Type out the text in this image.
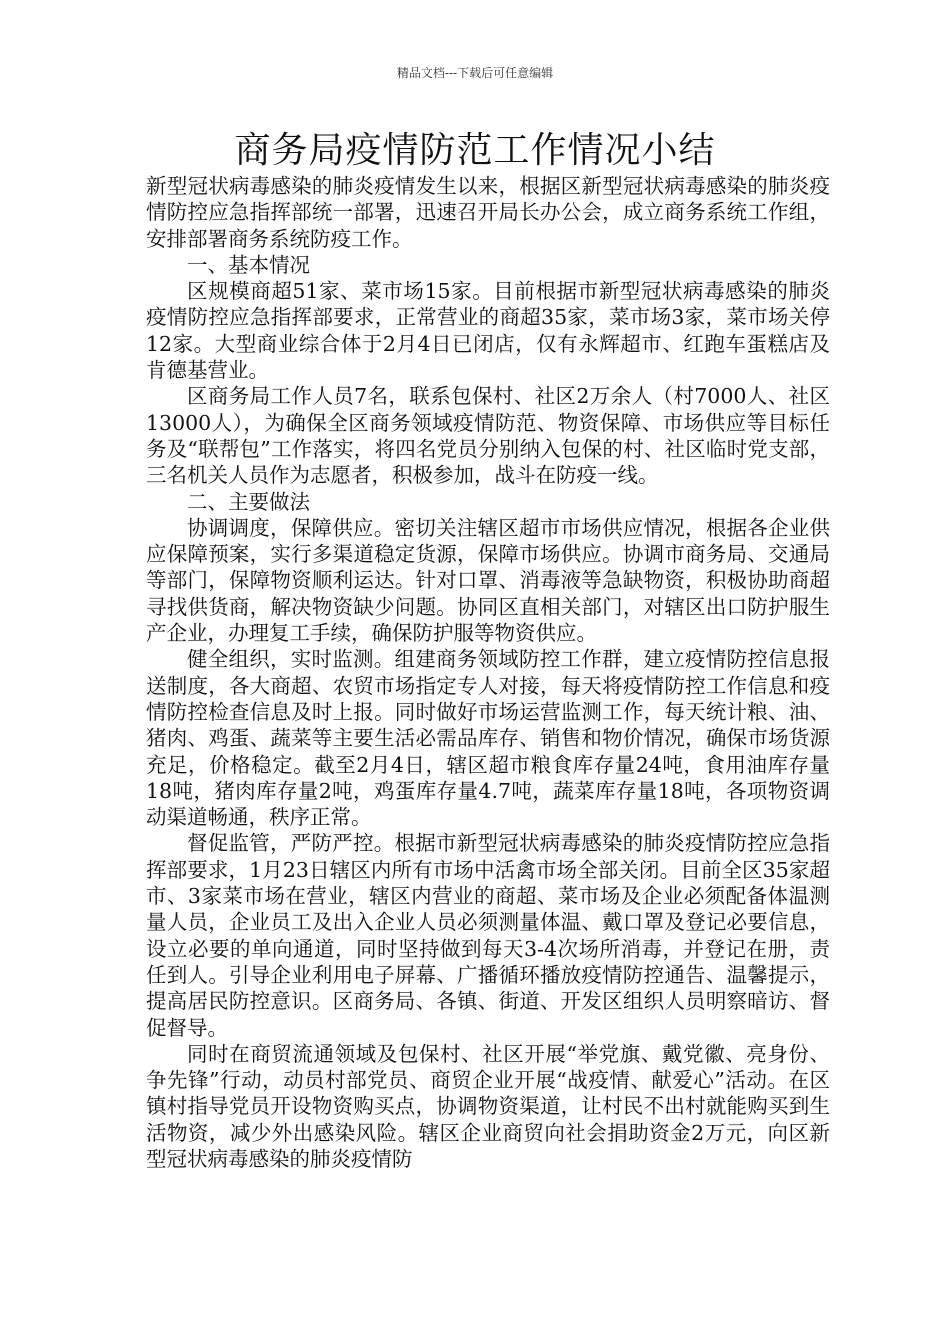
精品文档---下载后可任意编辑
商务局疫情防范工作情况小结

新型冠状病毒感染的肺炎疫情发生以来，根据区新型冠状病毒感染的肺炎疫情防控应急指挥部统一部署，迅速召开局长办公会，成立商务系统工作组，安排部署商务系统防疫工作。

一、基本情况

区规模商超51家、菜市场15家。目前根据市新型冠状病毒感染的肺炎疫情防控应急指挥部要求，正常营业的商超35家，菜市场3家，菜市场关停12家。大型商业综合体于2月4日已闭店，仅有永辉超市、红跑车蛋糕店及肯德基营业。

区商务局工作人员7名，联系包保村、社区2万余人（村7000人、社区13000人），为确保全区商务领域疫情防范、物资保障、市场供应等目标任务及“联帮包”工作落实，将四名党员分别纳入包保的村、社区临时党支部，三名机关人员作为志愿者，积极参加，战斗在防疫一线。

二、主要做法

协调调度，保障供应。密切关注辖区超市市场供应情况，根据各企业供应保障预案，实行多渠道稳定货源，保障市场供应。协调市商务局、交通局等部门，保障物资顺利运达。针对口罩、消毒液等急缺物资，积极协助商超寻找供货商，解决物资缺少问题。协同区直相关部门，对辖区出口防护服生产企业，办理复工手续，确保防护服等物资供应。

健全组织，实时监测。组建商务领域防控工作群，建立疫情防控信息报送制度，各大商超、农贸市场指定专人对接，每天将疫情防控工作信息和疫情防控检查信息及时上报。同时做好市场运营监测工作，每天统计粮、油、猪肉、鸡蛋、蔬菜等主要生活必需品库存、销售和物价情况，确保市场货源充足，价格稳定。截至2月4日，辖区超市粮食库存量24吨，食用油库存量18吨，猪肉库存量2吨，鸡蛋库存量4.7吨，蔬菜库存量18吨，各项物资调动渠道畅通，秩序正常。

督促监管，严防严控。根据市新型冠状病毒感染的肺炎疫情防控应急指挥部要求，1月23日辖区内所有市场中活禽市场全部关闭。目前全区35家超市、3家菜市场在营业，辖区内营业的商超、菜市场及企业必须配备体温测量人员，企业员工及出入企业人员必须测量体温、戴口罩及登记必要信息，设立必要的单向通道，同时坚持做到每天3-4次场所消毒，并登记在册，责任到人。引导企业利用电子屏幕、广播循环播放疫情防控通告、温馨提示，提高居民防控意识。区商务局、各镇、街道、开发区组织人员明察暗访、督促督导。

同时在商贸流通领域及包保村、社区开展“举党旗、戴党徽、亮身份、争先锋”行动，动员村部党员、商贸企业开展“战疫情、献爱心”活动。在区镇村指导党员开设物资购买点，协调物资渠道，让村民不出村就能购买到生活物资，减少外出感染风险。辖区企业商贸向社会捐助资金2万元，向区新型冠状病毒感染的肺炎疫情防
